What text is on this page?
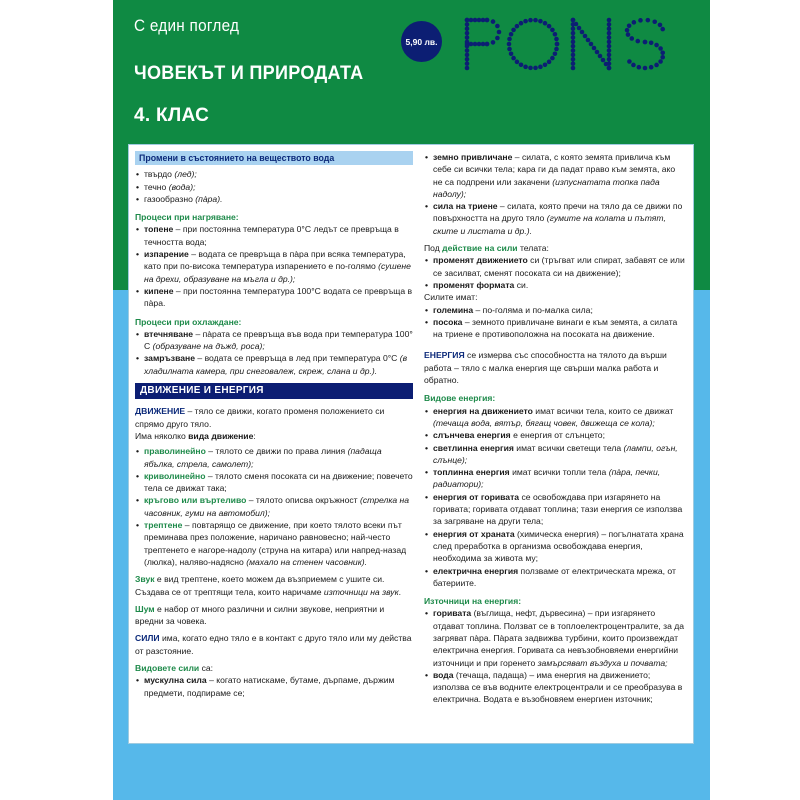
С един поглед
ЧОВЕКЪТ И ПРИРОДАТА
4. КЛАС
5,90 лв.
Промени в състоянието на веществото вода
• твърдо (лед);
• течно (вода);
• газообразно (пàра).
Процеси при нагряване:
• топене – при постоянна температура 0°C ледът се превръща в течността вода;
• изпарение – водата се превръща в пàра при всяка температура, като при по-висока температура изпарението е по-голямо (сушене на дрехи, образуване на мъгла и др.);
• кипене – при постоянна температура 100°C водата се превръща в пàра.
Процеси при охлаждане:
• втечняване – пàрата се превръща във вода при температура 100° C (образуване на дъжд, роса);
• замръзване – водата се превръща в лед при температура 0°C (в хладилната камера, при снеговалеж, скреж, слана и др.).
ДВИЖЕНИЕ И ЕНЕРГИЯ

ДВИЖЕНИЕ – тяло се движи, когато променя положението си спрямо друго тяло.
Има няколко вида движение:

• праволинейно – тялото се движи по права линия (падаща ябълка, стрела, самолет);
• криволинейно – тялото сменя посоката си на движение; повечето тела се движат така;
• кръгово или въртеливо – тялото описва окръжност (стрелка на часовник, гуми на автомобил);
• трептене – повтарящо се движение, при което тялото всеки път преминава през положение, наричано равновесно; най-често трептенето е нагоре-надолу (струна на китара) или напред-назад (люлка), наляво-надясно (махало на стенен часовник).

Звук е вид трептене, което можем да възприемем с ушите си. Създава се от трептящи тела, които наричаме източници на звук.

Шум е набор от много различни и силни звукове, неприятни и вредни за човека.

СИЛИ има, когато едно тяло е в контакт с друго тяло или му действа от разстояние.

Видовете сили са:

• мускулна сила – когато натискаме, бутаме, дърпаме, държим предмети, подпираме се;
• земно привличане – силата, с която земята привлича към себе си всички тела; кара ги да падат право към земята, ако не са подпрени или закачени (изпуснатата топка пада надолу);
• сила на триене – силата, която пречи на тяло да се движи по повърхността на друго тяло (гумите на колата и пътят, ските и листата и др.).

Под действие на сили телата:

• променят движението си (тръгват или спират, забавят се или се засилват, сменят посоката си на движение);
• променят формата си.
Силите имат:
• големина – по-голяма и по-малка сила;
• посока – земното привличане винаги е към земята, а силата на триене е противоположна на посоката на движение.

ЕНЕРГИЯ се измерва със способността на тялото да върши работа – тяло с малка енергия ще свърши малка работа и обратно.

Видове енергия:
• енергия на движението имат всички тела, които се движат (течаща вода, вятър, бягащ човек, движеща се кола);
• слънчева енергия е енергия от слънцето;
• светлинна енергия имат всички светещи тела (лампи, огън, слънце);
• топлинна енергия имат всички топли тела (пàра, печки, радиатори);
• енергия от горивата се освобождава при изгарянето на горивата; горивата отдават топлина; тази енергия се използва за загряване на други тела;
• енергия от храната (химическа енергия) – погълнатата храна след преработка в организма освобождава енергия, необходима за живота му;
• електрична енергия ползваме от електрическата мрежа, от батериите.
Източници на енергия:
• горивата (въглища, нефт, дървесина) – при изгарянето отдават топлина. Ползват се в топлоелектроцентралите, за да загряват пàра. Пàрата задвижва турбини, които произвеждат електрична енергия. Горивата са невъзобновяеми енергийни източници и при горенето замърсяват въздуха и почвата;
• вода (течаща, падаща) – има енергия на движението; използва се във водните електроцентрали и се преобразува в електрична. Водата е възобновяем енергиен източник;
